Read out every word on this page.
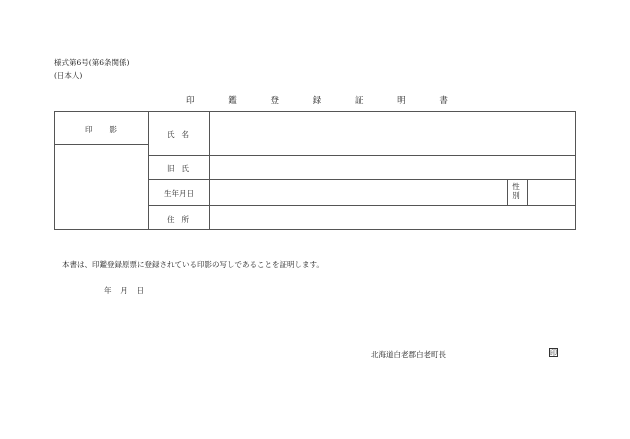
様式第6号(第6条関係)
(日本人)
印	鑑	登	録	証	明	書
印 影
氏 名
旧 氏
生年月日
性
別
住 所
本書は、印鑑登録原票に登録されている印影の写しであることを証明します。
年 月 日
北海道白老郡白老町長	印
